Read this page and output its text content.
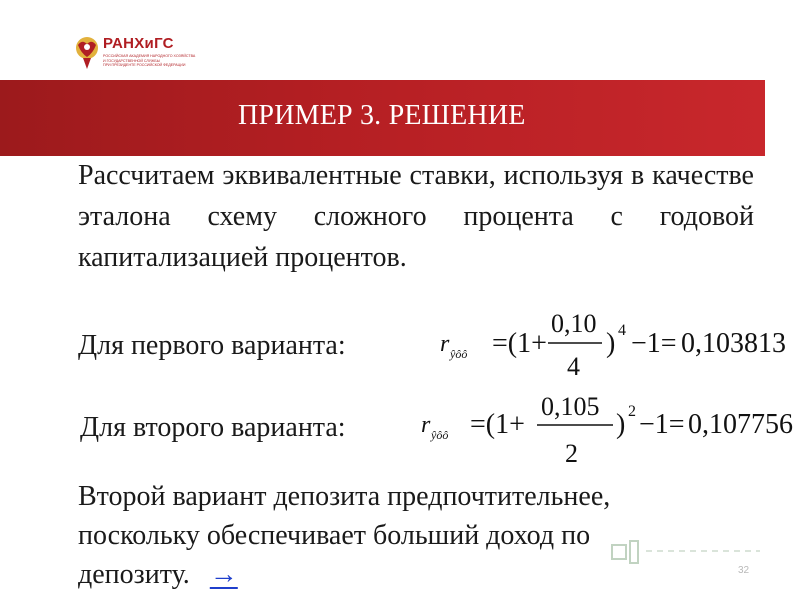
РАНХиГС
РОССИЙСКАЯ АКАДЕМИЯ НАРОДНОГО ХОЗЯЙСТВА
И ГОСУДАРСТВЕННОЙ СЛУЖБЫ
ПРИ ПРЕЗИДЕНТЕ РОССИЙСКОЙ ФЕДЕРАЦИИ
ПРИМЕР 3. РЕШЕНИЕ

Рассчитаем эквивалентные ставки, используя в качестве эталона схему сложного процента с годовой капитализацией процентов.

Для первого варианта:	r ŷôô =(1+
0,10
4
) 4 −1= 0,103813
Для второго варианта:	r ŷôô =(1+
0,105
2
) 2 −1= 0,107756

Второй вариант депозита предпочтительнее,
поскольку обеспечивает больший доход по
депозиту. →	32
